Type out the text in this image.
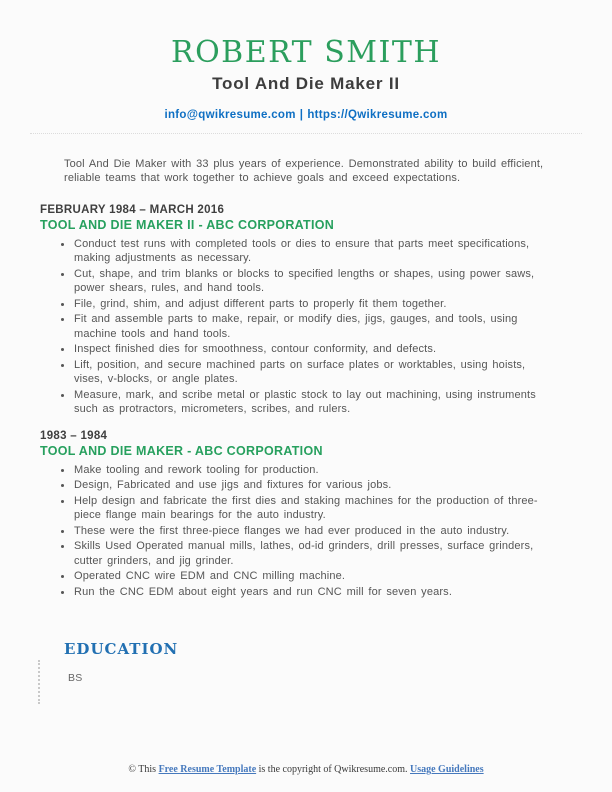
ROBERT SMITH
Tool And Die Maker II
info@qwikresume.com | https://Qwikresume.com

Tool And Die Maker with 33 plus years of experience. Demonstrated ability to build efficient, reliable teams that work together to achieve goals and exceed expectations.

FEBRUARY 1984 – MARCH 2016
TOOL AND DIE MAKER II - ABC CORPORATION
• Conduct test runs with completed tools or dies to ensure that parts meet specifications, making adjustments as necessary.
• Cut, shape, and trim blanks or blocks to specified lengths or shapes, using power saws, power shears, rules, and hand tools.
• File, grind, shim, and adjust different parts to properly fit them together.
• Fit and assemble parts to make, repair, or modify dies, jigs, gauges, and tools, using machine tools and hand tools.
• Inspect finished dies for smoothness, contour conformity, and defects.
• Lift, position, and secure machined parts on surface plates or worktables, using hoists, vises, v-blocks, or angle plates.
• Measure, mark, and scribe metal or plastic stock to lay out machining, using instruments such as protractors, micrometers, scribes, and rulers.
1983 – 1984
TOOL AND DIE MAKER - ABC CORPORATION
• Make tooling and rework tooling for production.
• Design, Fabricated and use jigs and fixtures for various jobs.
• Help design and fabricate the first dies and staking machines for the production of three-piece flange main bearings for the auto industry.
• These were the first three-piece flanges we had ever produced in the auto industry.
• Skills Used Operated manual mills, lathes, od-id grinders, drill presses, surface grinders, cutter grinders, and jig grinder.
• Operated CNC wire EDM and CNC milling machine.
• Run the CNC EDM about eight years and run CNC mill for seven years.
EDUCATION
BS
© This Free Resume Template is the copyright of Qwikresume.com. Usage Guidelines
